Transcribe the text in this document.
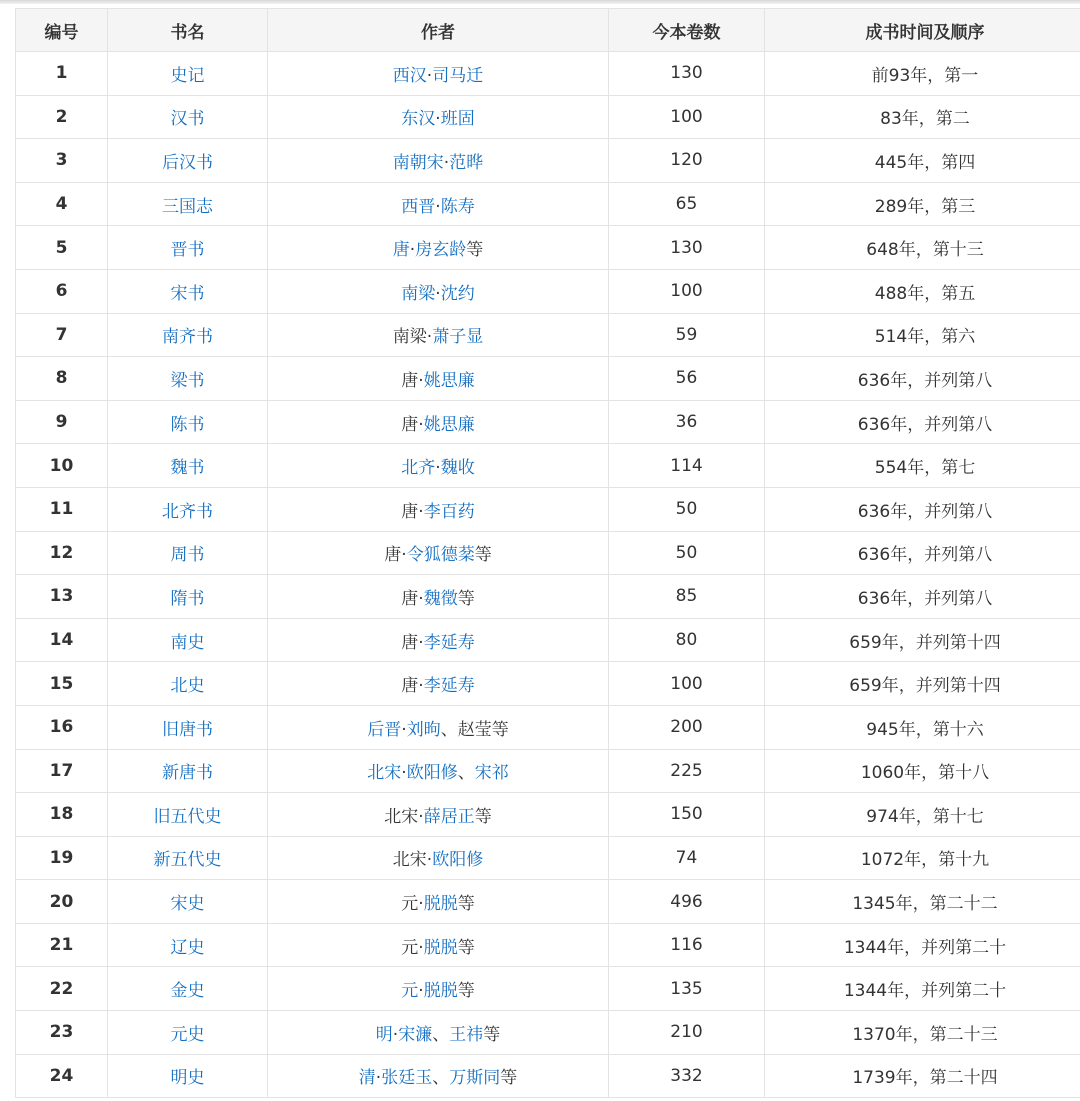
编号	书名	作者	今本卷数	成书时间及顺序
1	史记	西汉·司马迁	130	前93年，第一
2	汉书	东汉·班固	100	83年，第二
3	后汉书	南朝宋·范晔	120	445年，第四
4	三国志	西晋·陈寿	65	289年，第三
5	晋书	唐·房玄龄等	130	648年，第十三
6	宋书	南梁·沈约	100	488年，第五
7	南齐书	南梁·萧子显	59	514年，第六
8	梁书	唐·姚思廉	56	636年，并列第八
9	陈书	唐·姚思廉	36	636年，并列第八
10	魏书	北齐·魏收	114	554年，第七
11	北齐书	唐·李百药	50	636年，并列第八
12	周书	唐·令狐德棻等	50	636年，并列第八
13	隋书	唐·魏徵等	85	636年，并列第八
14	南史	唐·李延寿	80	659年，并列第十四
15	北史	唐·李延寿	100	659年，并列第十四
16	旧唐书	后晋·刘昫、赵莹等	200	945年，第十六
17	新唐书	北宋·欧阳修、宋祁	225	1060年，第十八
18	旧五代史	北宋·薛居正等	150	974年，第十七
19	新五代史	北宋·欧阳修	74	1072年，第十九
20	宋史	元·脱脱等	496	1345年，第二十二
21	辽史	元·脱脱等	116	1344年，并列第二十
22	金史	元·脱脱等	135	1344年，并列第二十
23	元史	明·宋濂、王祎等	210	1370年，第二十三
24	明史	清·张廷玉、万斯同等	332	1739年，第二十四
